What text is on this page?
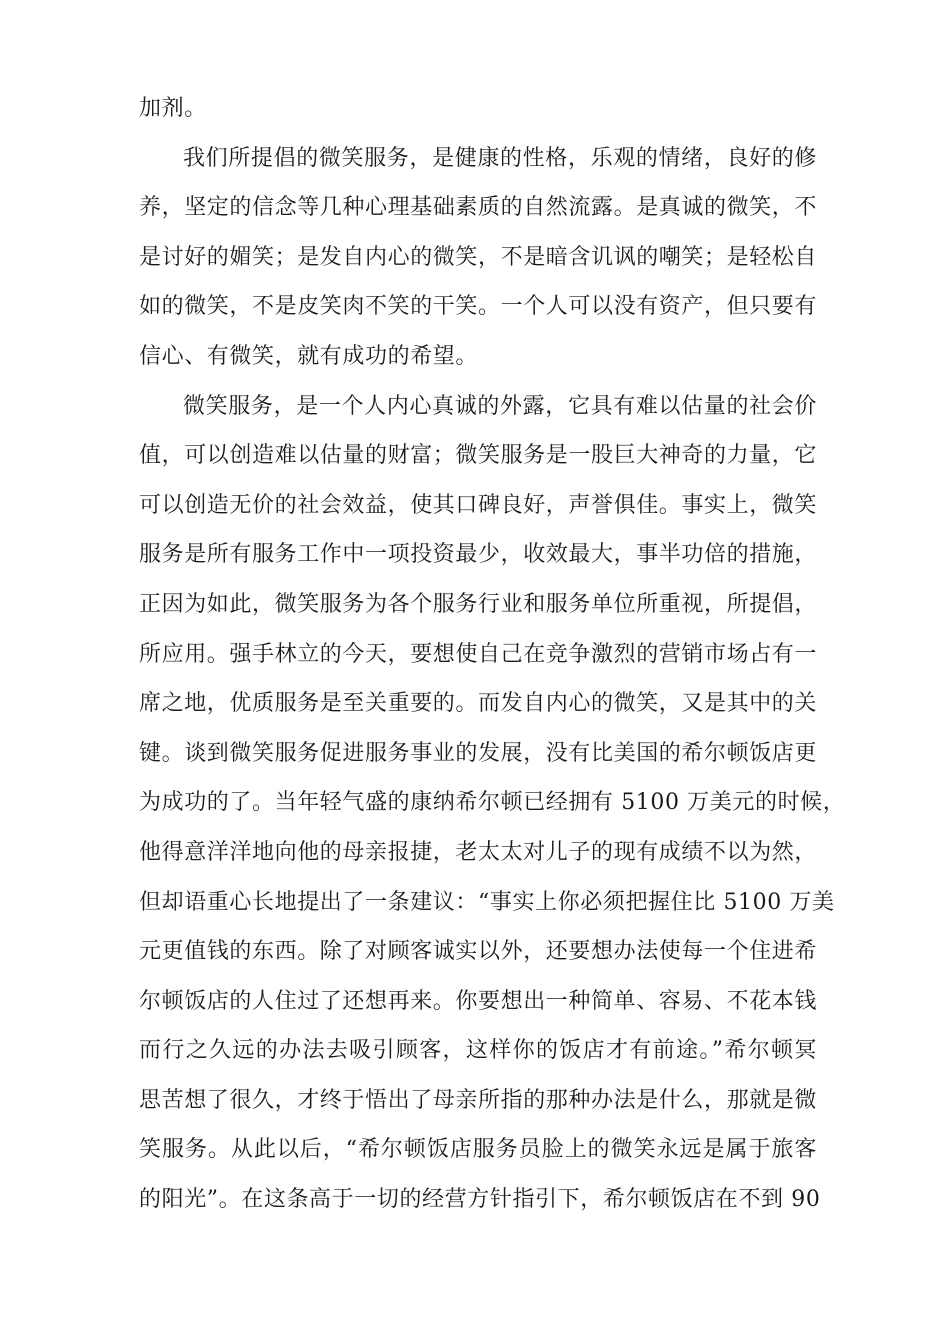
加剂。
我们所提倡的微笑服务，是健康的性格，乐观的情绪，良好的修
养，坚定的信念等几种心理基础素质的自然流露。是真诚的微笑，不
是讨好的媚笑；是发自内心的微笑，不是暗含讥讽的嘲笑；是轻松自
如的微笑，不是皮笑肉不笑的干笑。一个人可以没有资产，但只要有
信心、有微笑，就有成功的希望。
微笑服务，是一个人内心真诚的外露，它具有难以估量的社会价
值，可以创造难以估量的财富；微笑服务是一股巨大神奇的力量，它
可以创造无价的社会效益，使其口碑良好，声誉俱佳。事实上，微笑
服务是所有服务工作中一项投资最少，收效最大，事半功倍的措施，
正因为如此，微笑服务为各个服务行业和服务单位所重视，所提倡，
所应用。强手林立的今天，要想使自己在竞争激烈的营销市场占有一
席之地，优质服务是至关重要的。而发自内心的微笑，又是其中的关
键。谈到微笑服务促进服务事业的发展，没有比美国的希尔顿饭店更
为成功的了。当年轻气盛的康纳希尔顿已经拥有 5100 万美元的时候，
他得意洋洋地向他的母亲报捷，老太太对儿子的现有成绩不以为然，
但却语重心长地提出了一条建议：“事实上你必须把握住比 5100 万美
元更值钱的东西。除了对顾客诚实以外，还要想办法使每一个住进希
尔顿饭店的人住过了还想再来。你要想出一种简单、容易、不花本钱
而行之久远的办法去吸引顾客，这样你的饭店才有前途。”希尔顿冥
思苦想了很久，才终于悟出了母亲所指的那种办法是什么，那就是微
笑服务。从此以后，“希尔顿饭店服务员脸上的微笑永远是属于旅客
的阳光”。在这条高于一切的经营方针指引下，希尔顿饭店在不到 90
